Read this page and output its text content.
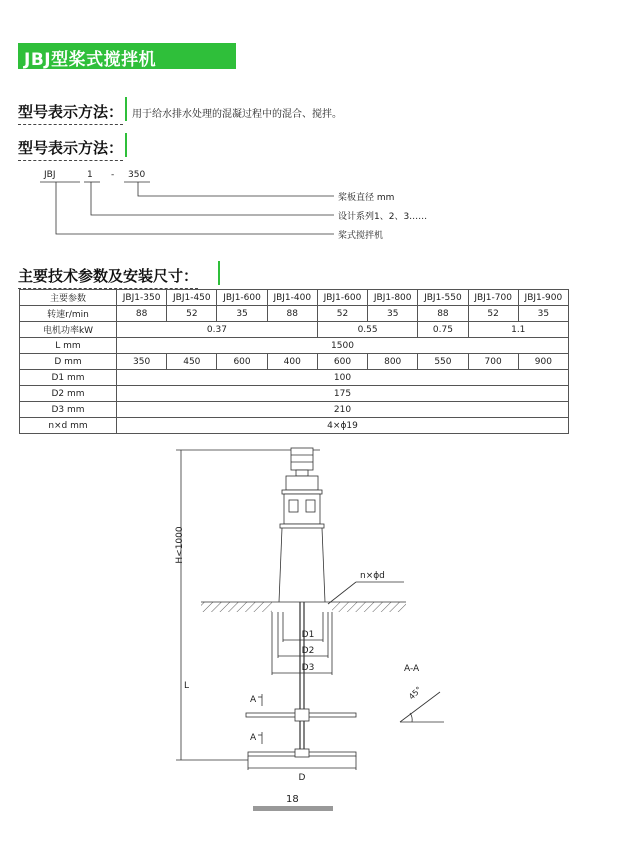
JBJ型桨式搅拌机
型号表示方法： 用于给水排水处理的混凝过程中的混合、搅拌。
型号表示方法：
JBJ	1 - 350
桨板直径 mm
设计系列1、2、3……
桨式搅拌机
主要技术参数及安装尺寸：
主要参数	JBJ1-350	JBJ1-450	JBJ1-600	JBJ1-400	JBJ1-600	JBJ1-800	JBJ1-550	JBJ1-700	JBJ1-900
转速r/min	88	52	35	88	52	35	88	52	35
电机功率kW	0.37				0.55		0.75	1.1	
L mm	1500								
D mm	350	450	600	400	600	800	550	700	900
D1 mm	100								
D2 mm	175								
D3 mm	210								
n×d mm	4×ϕ19								
H<1000
L
n×ϕd
D1
D2
D3
D
A
A
A-A
45°
18
